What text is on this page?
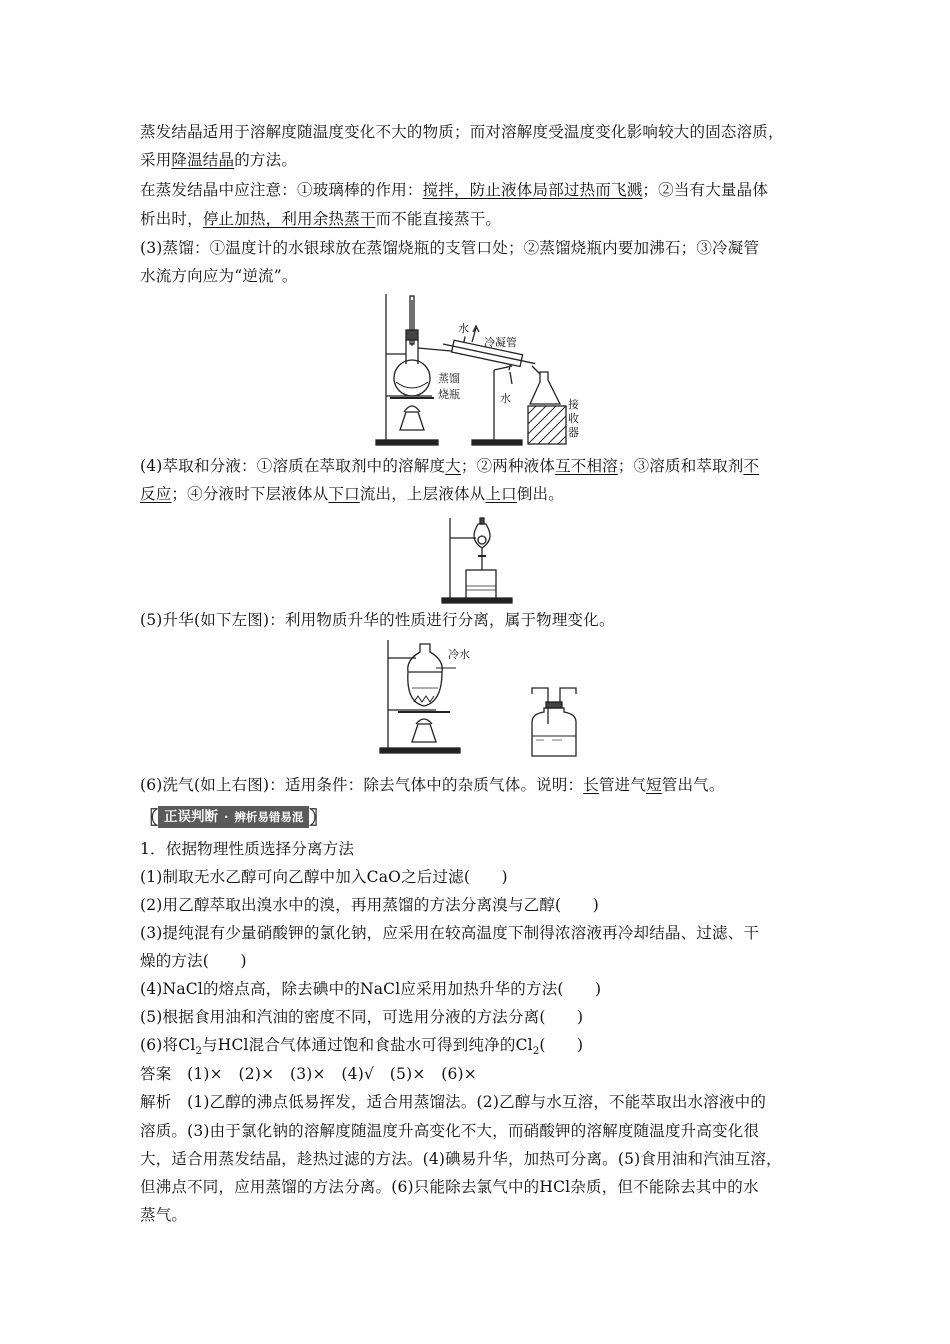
蒸发结晶适用于溶解度随温度变化不大的物质；而对溶解度受温度变化影响较大的固态溶质，
采用降温结晶的方法。
在蒸发结晶中应注意：①玻璃棒的作用：搅拌，防止液体局部过热而飞溅；②当有大量晶体
析出时，停止加热，利用余热蒸干而不能直接蒸干。
(3)蒸馏：①温度计的水银球放在蒸馏烧瓶的支管口处；②蒸馏烧瓶内要加沸石；③冷凝管
水流方向应为“逆流”。
水
冷凝管
蒸馏
烧瓶	水	接
收
器
(4)萃取和分液：①溶质在萃取剂中的溶解度大；②两种液体互不相溶；③溶质和萃取剂不
反应；④分液时下层液体从下口流出，上层液体从上口倒出。
(5)升华(如下左图)：利用物质升华的性质进行分离，属于物理变化。
冷水
(6)洗气(如上右图)：适用条件：除去气体中的杂质气体。说明：长管进气短管出气。
〖 正误判断 · 辨析易错易混 〗
1．依据物理性质选择分离方法
(1)制取无水乙醇可向乙醇中加入CaO之后过滤(　　)
(2)用乙醇萃取出溴水中的溴，再用蒸馏的方法分离溴与乙醇(　　)
(3)提纯混有少量硝酸钾的氯化钠，应采用在较高温度下制得浓溶液再冷却结晶、过滤、干
燥的方法(　　)
(4)NaCl的熔点高，除去碘中的NaCl应采用加热升华的方法(　　)
(5)根据食用油和汽油的密度不同，可选用分液的方法分离(　　)
(6)将$Cl_2$与HCl混合气体通过饱和食盐水可得到纯净的$Cl_2$(　　)
答案　(1)×　(2)×　(3)×　(4)√　(5)×　(6)×
解析　(1)乙醇的沸点低易挥发，适合用蒸馏法。(2)乙醇与水互溶，不能萃取出水溶液中的
溶质。(3)由于氯化钠的溶解度随温度升高变化不大，而硝酸钾的溶解度随温度升高变化很
大，适合用蒸发结晶，趁热过滤的方法。(4)碘易升华，加热可分离。(5)食用油和汽油互溶，
但沸点不同，应用蒸馏的方法分离。(6)只能除去氯气中的HCl杂质，但不能除去其中的水
蒸气。
